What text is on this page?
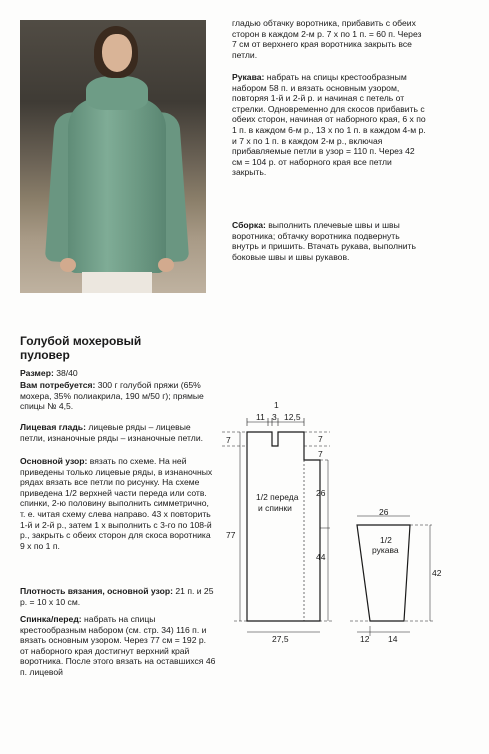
гладью обтачку воротника, прибавить с обеих сторон в каждом 2-м р. 7 х по 1 п. = 60 п. Через 7 см от верхнего края воротника закрыть все петли.

Рукава: набрать на спицы крестообразным набором 58 п. и вязать основным узором, повторяя 1-й и 2-й р. и начиная с петель от стрелки. Одновременно для скосов прибавить с обеих сторон, начиная от наборного края, 6 х по 1 п. в каждом 6-м р., 13 х по 1 п. в каждом 4-м р. и 7 х по 1 п. в каждом 2-м р., включая прибавляемые петли в узор = 110 п. Через 42 см = 104 р. от наборного края все петли закрыть.

Сборка: выполнить плечевые швы и швы воротника; обтачку воротника подвернуть внутрь и пришить. Втачать рукава, выполнить боковые швы и швы рукавов.

Голубой мохеровый
пуловер

Размер: 38/40

Вам потребуется: 300 г голубой пряжи (65% мохера, 35% полиакрила, 190 м/50 г); прямые спицы № 4,5.

Лицевая гладь: лицевые ряды – лицевые петли, изнаночные ряды – изнаночные петли.

Основной узор: вязать по схеме. На ней приведены только лицевые ряды, в изнаночных рядах вязать все петли по рисунку. На схеме приведена 1/2 верхней части переда или сотв. спинки, 2-ю половину выполнить симметрично, т. е. читая схему слева направо. 43 х повторить 1-й и 2-й р., затем 1 х выполнить с 3-го по 108-й р., закрыть с обеих сторон для скоса воротника 9 х по 1 п.

Плотность вязания, основной узор: 21 п. и 25 р. = 10 х 10 см.

Спинка/перед: набрать на спицы крестообразным набором (см. стр. 34) 116 п. и вязать основным узором. Через 77 см = 192 р. от наборного края достигнут верхний край воротника. После этого вязать на оставшихся 46 п. лицевой

11
1
3 12,5
7	7
7
26
44
77
1/2 переда
и спинки
27,5
26
1/2
рукава
42
12 14
